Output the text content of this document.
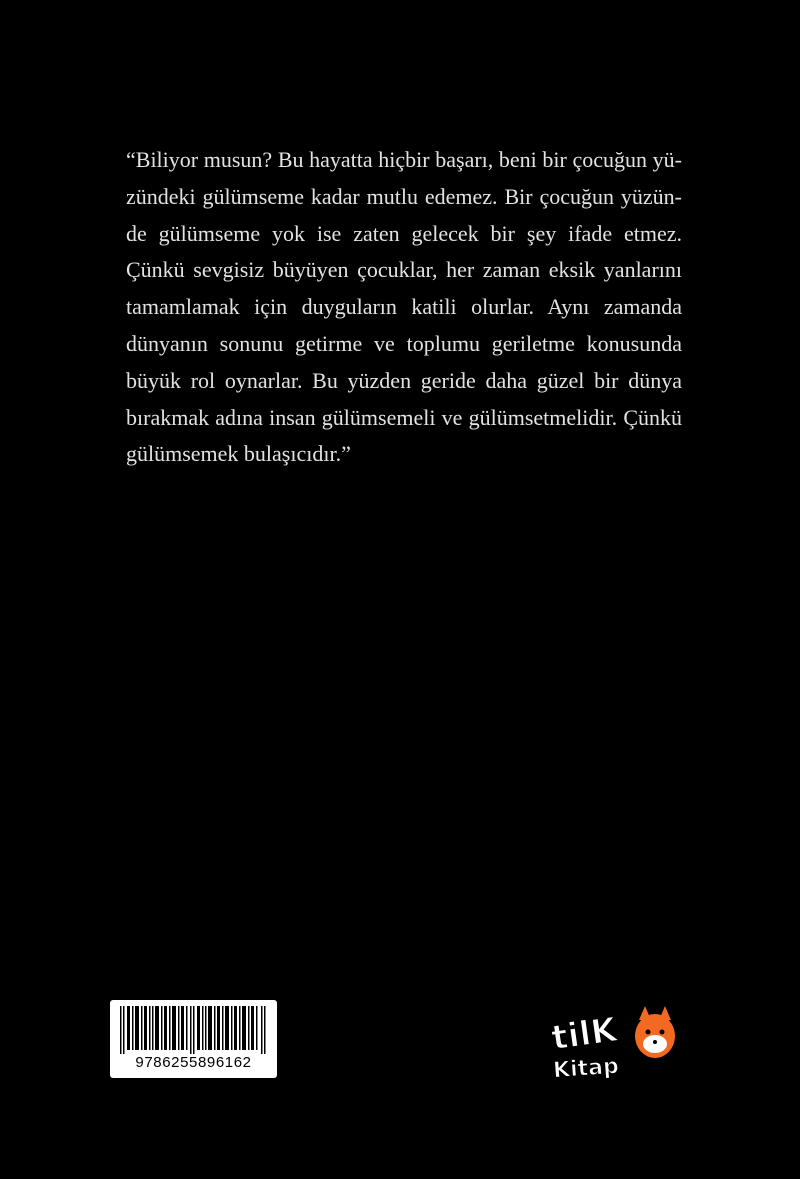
“Biliyor musun? Bu hayatta hiçbir başarı, beni bir çocuğun yüzündeki gülümseme kadar mutlu edemez. Bir çocuğun yüzünde gülümseme yok ise zaten gelecek bir şey ifade etmez. Çünkü sevgisiz büyüyen çocuklar, her zaman eksik yanlarını tamamlamak için duyguların katili olurlar. Aynı zamanda dünyanın sonunu getirme ve toplumu geriletme konusunda büyük rol oynarlar. Bu yüzden geride daha güzel bir dünya bırakmak adına insan gülümsemeli ve gülümsetmelidir. Çünkü gülümsemek bulaşıcıdır.”

9786255896162
tilK
Kitap
